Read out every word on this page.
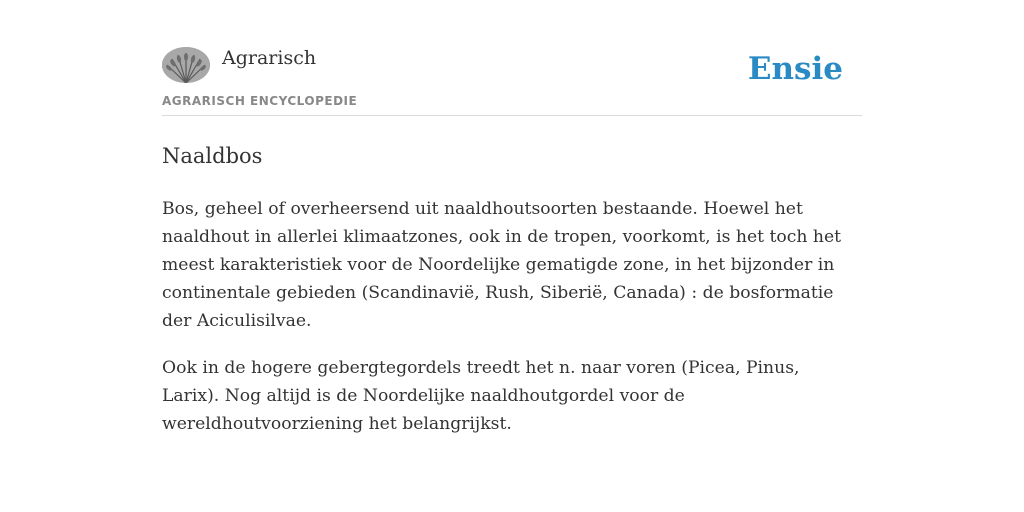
Agrarisch
AGRARISCH ENCYCLOPEDIE
Ensie
Naaldbos

Bos, geheel of overheersend uit naaldhoutsoorten bestaande. Hoewel het naaldhout in allerlei klimaatzones, ook in de tropen, voorkomt, is het toch het meest karakteristiek voor de Noordelijke gematigde zone, in het bijzonder in continentale gebieden (Scandinavië, Rush, Siberië, Canada) : de bosformatie der Aciculisilvae.

Ook in de hogere gebergtegordels treedt het n. naar voren (Picea, Pinus, Larix). Nog altijd is de Noordelijke naaldhoutgordel voor de wereldhoutvoorziening het belangrijkst.
